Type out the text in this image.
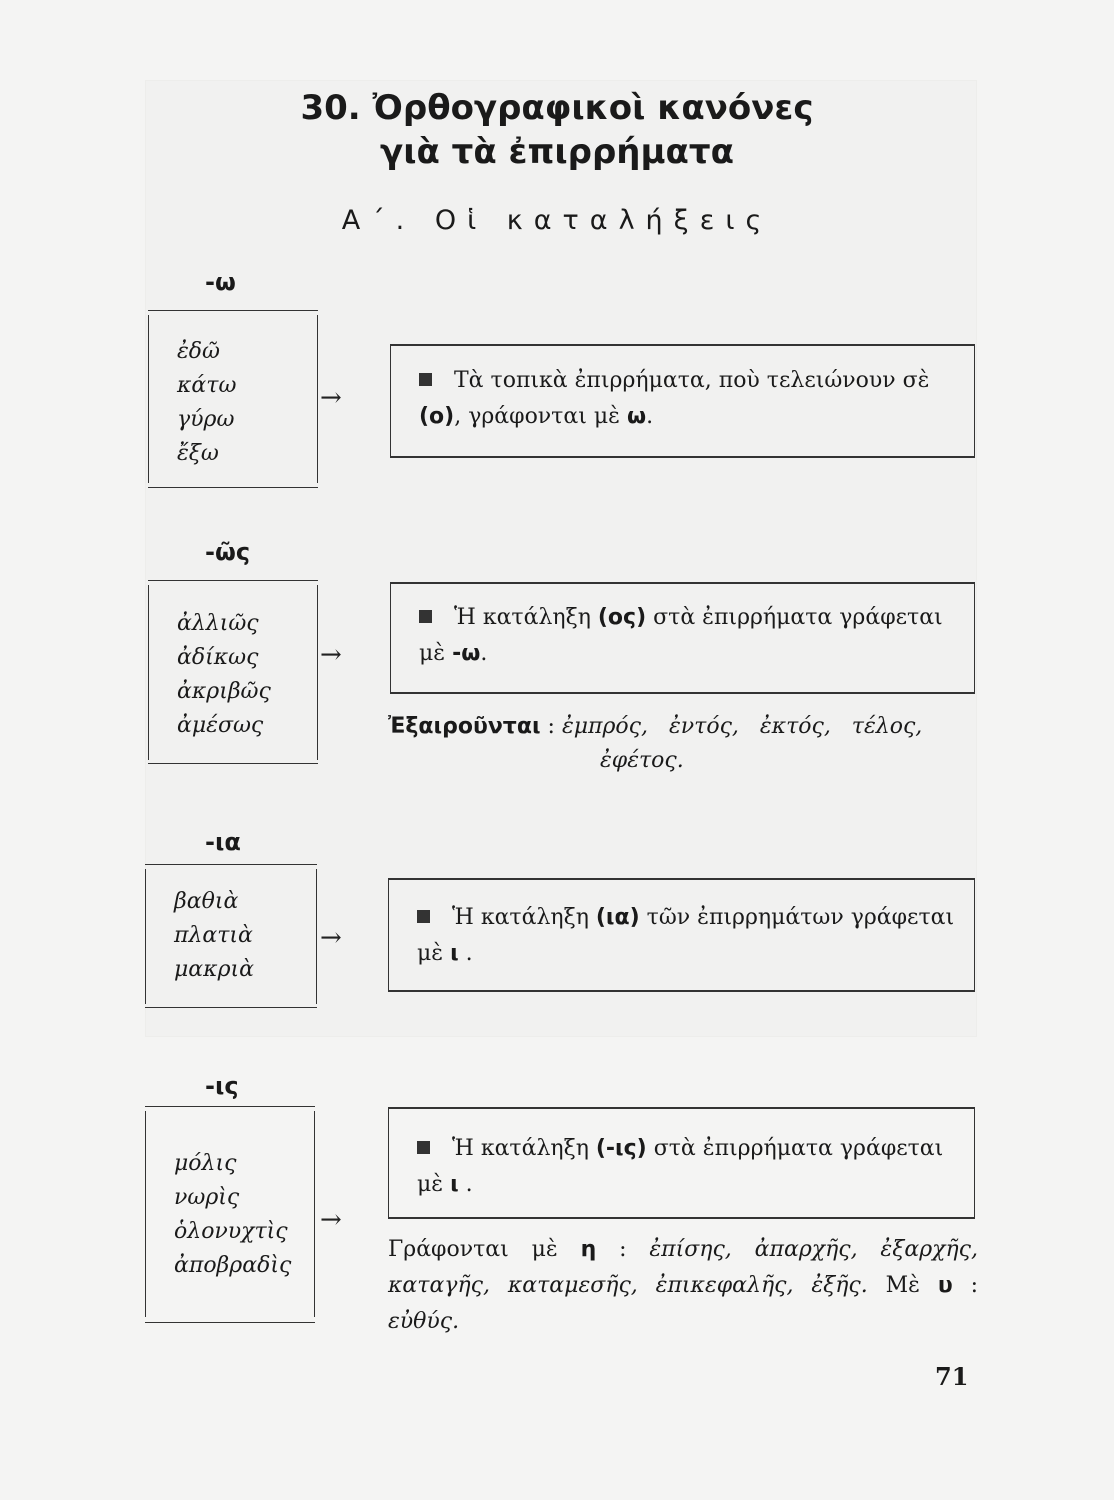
30. Ὀρθογραφικοὶ κανόνες
γιὰ τὰ ἐπιρρήματα
Α΄. Οἱ καταλήξεις
-ω
ἐδῶ
κάτω
γύρω
ἔξω
→
Τὰ τοπικὰ ἐπιρρήματα, ποὺ τελειώνουν σὲ (ο), γράφονται μὲ ω.
-ῶς
ἀλλιῶς
ἀδίκως
ἀκριβῶς
ἀμέσως
→
Ἡ κατάληξη (ος) στὰ ἐπιρρήματα γράφεται μὲ -ω.
Ἐξαιροῦνται : ἐμπρός,   ἐντός,   ἐκτός,   τέλος,
ἐφέτος.
-ια
βαθιὰ
πλατιὰ
μακριὰ
→
Ἡ κατάληξη (ια) τῶν ἐπιρρημάτων γράφεται μὲ ι .
-ις
μόλις
νωρὶς
ὁλονυχτὶς
ἀποβραδὶς
→
Ἡ κατάληξη (-ις) στὰ ἐπιρρήματα γράφεται μὲ ι .
Γράφονται μὲ η : ἐπίσης, ἀπαρχῆς, ἐξαρχῆς, καταγῆς, καταμεσῆς, ἐπικεφαλῆς, ἐξῆς. Μὲ υ : εὐθύς.
71
